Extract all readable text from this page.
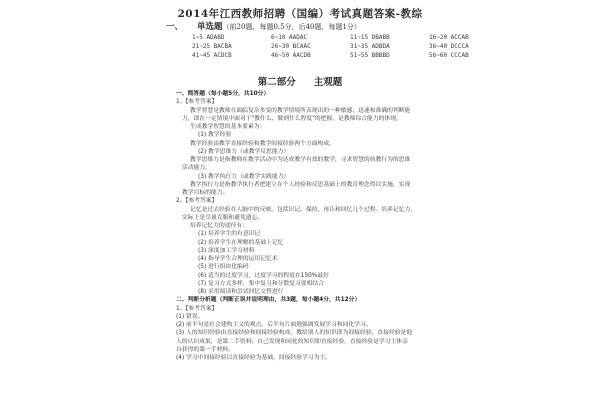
2014年江西教师招聘（国编）考试真题答案-教综
一、 单选题（前20题，每题0.5分，后40题，每题1分）
1~5 ADABD	6~10 AADAC	11~15 DBABB	16~20 ACCAB
21~25 BACBA	26~30 BCAAC	31~35 ADBDA	36~40 DCCCA
41~45 ACDCB	46~50 AACDB	51~55 BBBBD	56~60 CCCAB
第二部分 主观题
一、简答题（每小题5分，共10分）
1、【参考答案】
教学智慧是教师在面临复杂多变的教学情境所表现出的一种敏感、迅速和准确的判断能
力，即在一定情境中面对于"教什么、做到什么程度"的把握，是教师综合能力的体现。
生成教学智慧的基本要素为：
(1) 教学经验
教学经验由教学直接经验和教学间接经验两个方面构成。
(2) 教学思维力（或教学反思能力）
教学思维力是指教师在教学活动中为达成教学有效的教学，寻求智慧的执教行为的思维
活动能力。
(3) 教学执行力（或教学实践能力）
教学执行力是指教学执行者把建立在个人经验和反思基础上的教育理念得以实施，实现
教学目标的能力。
2、【参考答案】
记忆是过去经验在人脑中的反映，包括识记、保持、再认和回忆几个过程。培养记忆力，
实际上是尽量克服和避免遗忘。
培养记忆力的途径有：
(1) 培养学生的有意识记
(2) 培养学生在理解的基础上记忆
(3) 深度加工学习材料
(4) 指导学生合理的运用记忆术
(5) 进行组块化编码
(6) 适当的过度学习，过度学习的程度在150%最好
(7) 复习方式多样，集中复习和分散复习要相结合
(8) 采用阅读和尝试回忆交替进行
二、判断分析题（判断正误并说明理由，共3题，每小题4分，共12分）
1、【参考答案】
(1) 错误。
(2) 前半句是社会建构主义的观点，后半句片面地强调发展学习和同化学习。
(3) 人的知识经验由直接经验和间接经验构成。教给别人的知识即为间接经验，直接经验是他
人的认识成果，是第二手资料；自己发现和同化的知识即直接经验，直接经验是学习主体亲
自获得的第一手材料。
(4) 学习中间接经验以直接经验为基础，间接经验学习为主。
